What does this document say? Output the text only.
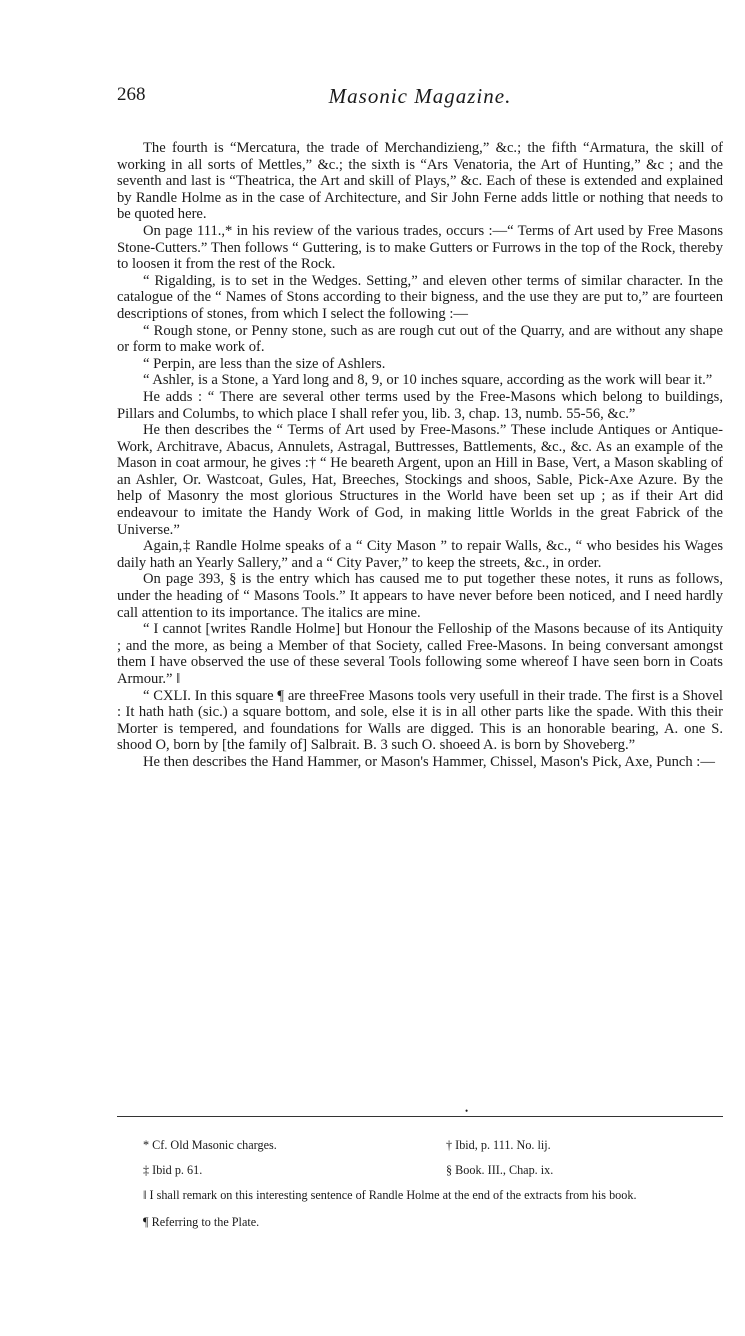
268	Masonic Magazine.

The fourth is “Mercatura, the trade of Merchandizieng,” &c.; the fifth “Armatura, the skill of working in all sorts of Mettles,” &c.; the sixth is “Ars Venatoria, the Art of Hunting,” &c ; and the seventh and last is “Theatrica, the Art and skill of Plays,” &c. Each of these is extended and explained by Randle Holme as in the case of Architecture, and Sir John Ferne adds little or nothing that needs to be quoted here.

On page 111.,* in his review of the various trades, occurs :—“ Terms of Art used by Free Masons Stone-Cutters.” Then follows “ Guttering, is to make Gutters or Furrows in the top of the Rock, thereby to loosen it from the rest of the Rock.

“ Rigalding, is to set in the Wedges. Setting,” and eleven other terms of similar character. In the catalogue of the “ Names of Stons according to their bigness, and the use they are put to,” are fourteen descriptions of stones, from which I select the following :—

“ Rough stone, or Penny stone, such as are rough cut out of the Quarry, and are without any shape or form to make work of.

“ Perpin, are less than the size of Ashlers.

“ Ashler, is a Stone, a Yard long and 8, 9, or 10 inches square, according as the work will bear it.”

He adds : “ There are several other terms used by the Free-Masons which belong to buildings, Pillars and Columbs, to which place I shall refer you, lib. 3, chap. 13, numb. 55-56, &c.”

He then describes the “ Terms of Art used by Free-Masons.” These include Antiques or Antique-Work, Architrave, Abacus, Annulets, Astragal, Buttresses, Battlements, &c., &c. As an example of the Mason in coat armour, he gives :† “ He beareth Argent, upon an Hill in Base, Vert, a Mason skabling of an Ashler, Or. Wastcoat, Gules, Hat, Breeches, Stockings and shoos, Sable, Pick-Axe Azure. By the help of Masonry the most glorious Structures in the World have been set up ; as if their Art did endeavour to imitate the Handy Work of God, in making little Worlds in the great Fabrick of the Universe.”

Again,‡ Randle Holme speaks of a “ City Mason ” to repair Walls, &c., “ who besides his Wages daily hath an Yearly Sallery,” and a “ City Paver,” to keep the streets, &c., in order.

On page 393, § is the entry which has caused me to put together these notes, it runs as follows, under the heading of “ Masons Tools.” It appears to have never before been noticed, and I need hardly call attention to its importance. The italics are mine.

“ I cannot [writes Randle Holme] but Honour the Felloship of the Masons because of its Antiquity ; and the more, as being a Member of that Society, called Free-Masons. In being conversant amongst them I have observed the use of these several Tools following some whereof I have seen born in Coats Armour.” ‖

“ CXLI. In this square ¶ are threeFree Masons tools very usefull in their trade. The first is a Shovel : It hath hath (sic.) a square bottom, and sole, else it is in all other parts like the spade. With this their Morter is tempered, and foundations for Walls are digged. This is an honorable bearing, A. one S. shood O, born by [the family of] Salbrait. B. 3 such O. shoeed A. is born by Shoveberg.”

He then describes the Hand Hammer, or Mason's Hammer, Chissel, Mason's Pick, Axe, Punch :—

•
* Cf. Old Masonic charges.	† Ibid, p. 111. No. lij.
‡ Ibid p. 61.	§ Book. III., Chap. ix.
‖ I shall remark on this interesting sentence of Randle Holme at the end of the extracts from his book.
¶ Referring to the Plate.
